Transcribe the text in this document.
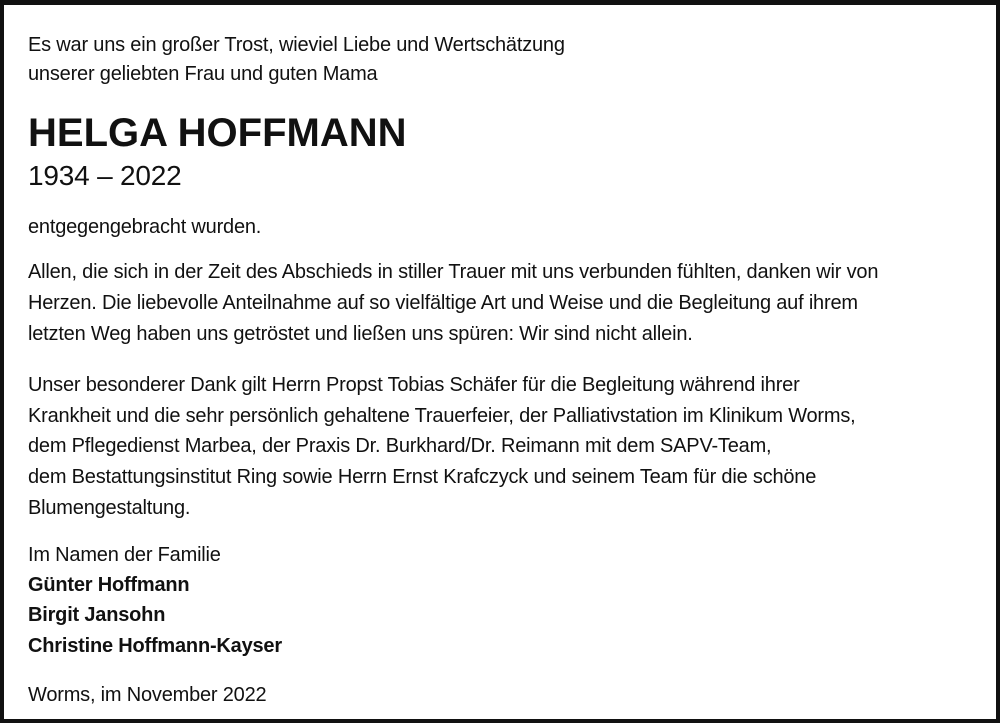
Es war uns ein großer Trost, wieviel Liebe und Wertschätzung
unserer geliebten Frau und guten Mama
HELGA HOFFMANN
1934 – 2022
entgegengebracht wurden.
Allen, die sich in der Zeit des Abschieds in stiller Trauer mit uns verbunden fühlten, danken wir von
Herzen. Die liebevolle Anteilnahme auf so vielfältige Art und Weise und die Begleitung auf ihrem
letzten Weg haben uns getröstet und ließen uns spüren: Wir sind nicht allein.
Unser besonderer Dank gilt Herrn Propst Tobias Schäfer für die Begleitung während ihrer
Krankheit und die sehr persönlich gehaltene Trauerfeier, der Palliativstation im Klinikum Worms,
dem Pflegedienst Marbea, der Praxis Dr. Burkhard/Dr. Reimann mit dem SAPV-Team,
dem Bestattungsinstitut Ring sowie Herrn Ernst Krafczyck und seinem Team für die schöne
Blumengestaltung.
Im Namen der Familie
Günter Hoffmann
Birgit Jansohn
Christine Hoffmann-Kayser
Worms, im November 2022
